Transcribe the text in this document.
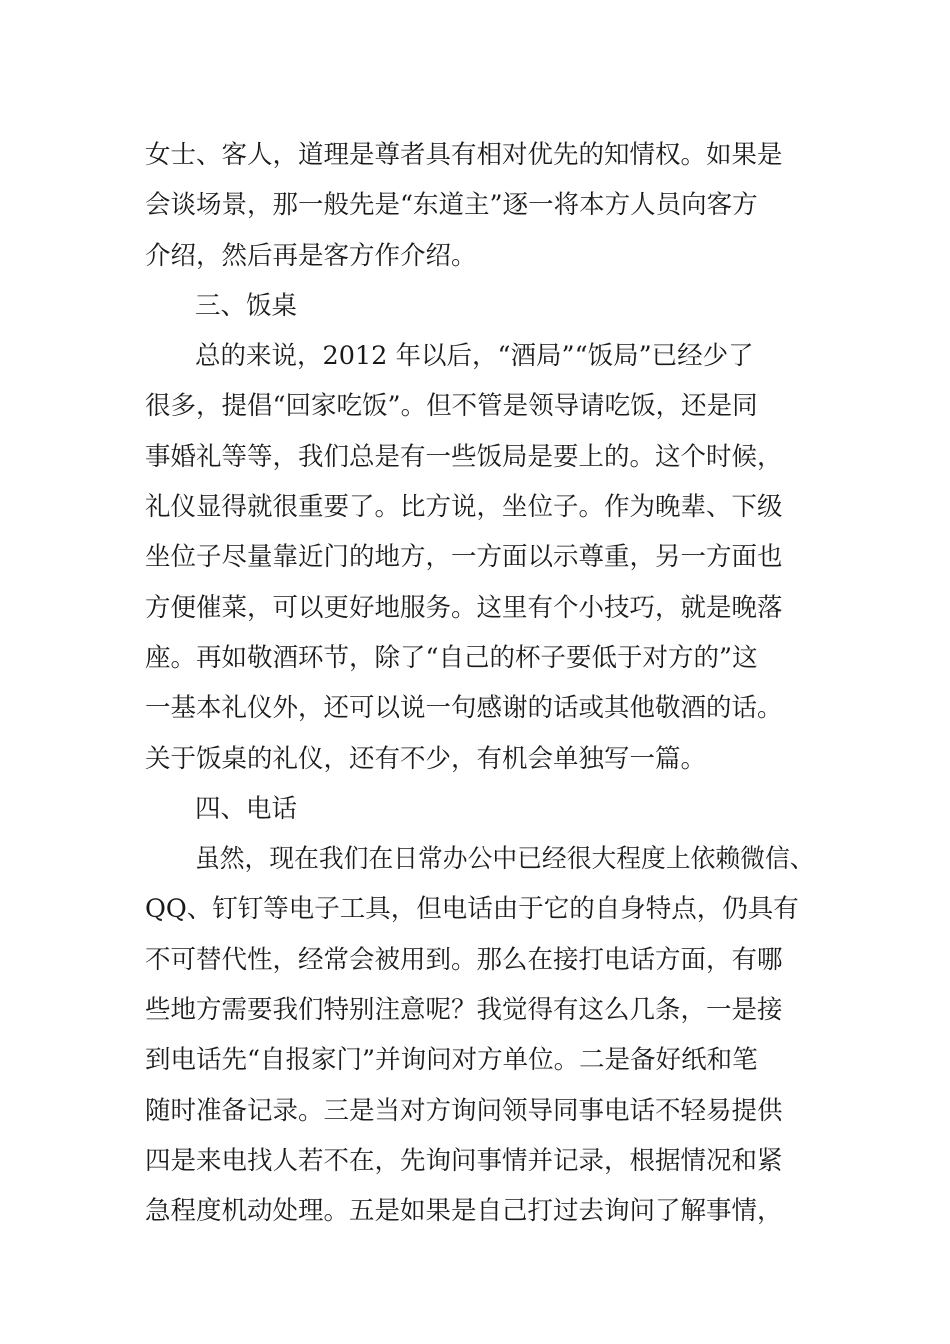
女士、客人，道理是尊者具有相对优先的知情权。如果是
会谈场景，那一般先是“东道主”逐一将本方人员向客方
介绍，然后再是客方作介绍。
三、饭桌
总的来说，2012 年以后，“酒局”“饭局”已经少了
很多，提倡“回家吃饭”。但不管是领导请吃饭，还是同
事婚礼等等，我们总是有一些饭局是要上的。这个时候，
礼仪显得就很重要了。比方说，坐位子。作为晚辈、下级
坐位子尽量靠近门的地方，一方面以示尊重，另一方面也
方便催菜，可以更好地服务。这里有个小技巧，就是晚落
座。再如敬酒环节，除了“自己的杯子要低于对方的”这
一基本礼仪外，还可以说一句感谢的话或其他敬酒的话。
关于饭桌的礼仪，还有不少，有机会单独写一篇。
四、电话
虽然，现在我们在日常办公中已经很大程度上依赖微信、
QQ、钉钉等电子工具，但电话由于它的自身特点，仍具有
不可替代性，经常会被用到。那么在接打电话方面，有哪
些地方需要我们特别注意呢？我觉得有这么几条，一是接
到电话先“自报家门”并询问对方单位。二是备好纸和笔
随时准备记录。三是当对方询问领导同事电话不轻易提供
四是来电找人若不在，先询问事情并记录，根据情况和紧
急程度机动处理。五是如果是自己打过去询问了解事情，
